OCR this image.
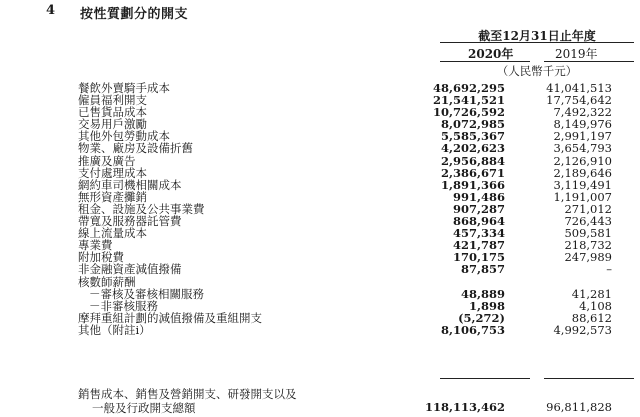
4 按性質劃分的開支
截至12月31日止年度
2020年	2019年
（人民幣千元）
餐飲外賣騎手成本	48,692,295	41,041,513
僱員福利開支	21,541,521	17,754,642
已售貨品成本	10,726,592	7,492,322
交易用戶激勵	8,072,985	8,149,976
其他外包勞動成本	5,585,367	2,991,197
物業、廠房及設備折舊	4,202,623	3,654,793
推廣及廣告	2,956,884	2,126,910
支付處理成本	2,386,671	2,189,646
網約車司機相關成本	1,891,366	3,119,491
無形資產攤銷	991,486	1,191,007
租金、設施及公共事業費	907,287	271,012
帶寬及服務器託管費	868,964	726,443
線上流量成本	457,334	509,581
專業費	421,787	218,732
附加稅費	170,175	247,989
非金融資產減值撥備	87,857	–
核數師薪酬
－審核及審核相關服務	48,889	41,281
－非審核服務	1,898	4,108
摩拜重組計劃的減值撥備及重組開支	(5,272)	88,612
其他（附註i）	8,106,753	4,992,573
銷售成本、銷售及營銷開支、研發開支以及
一般及行政開支總額	118,113,462	96,811,828
